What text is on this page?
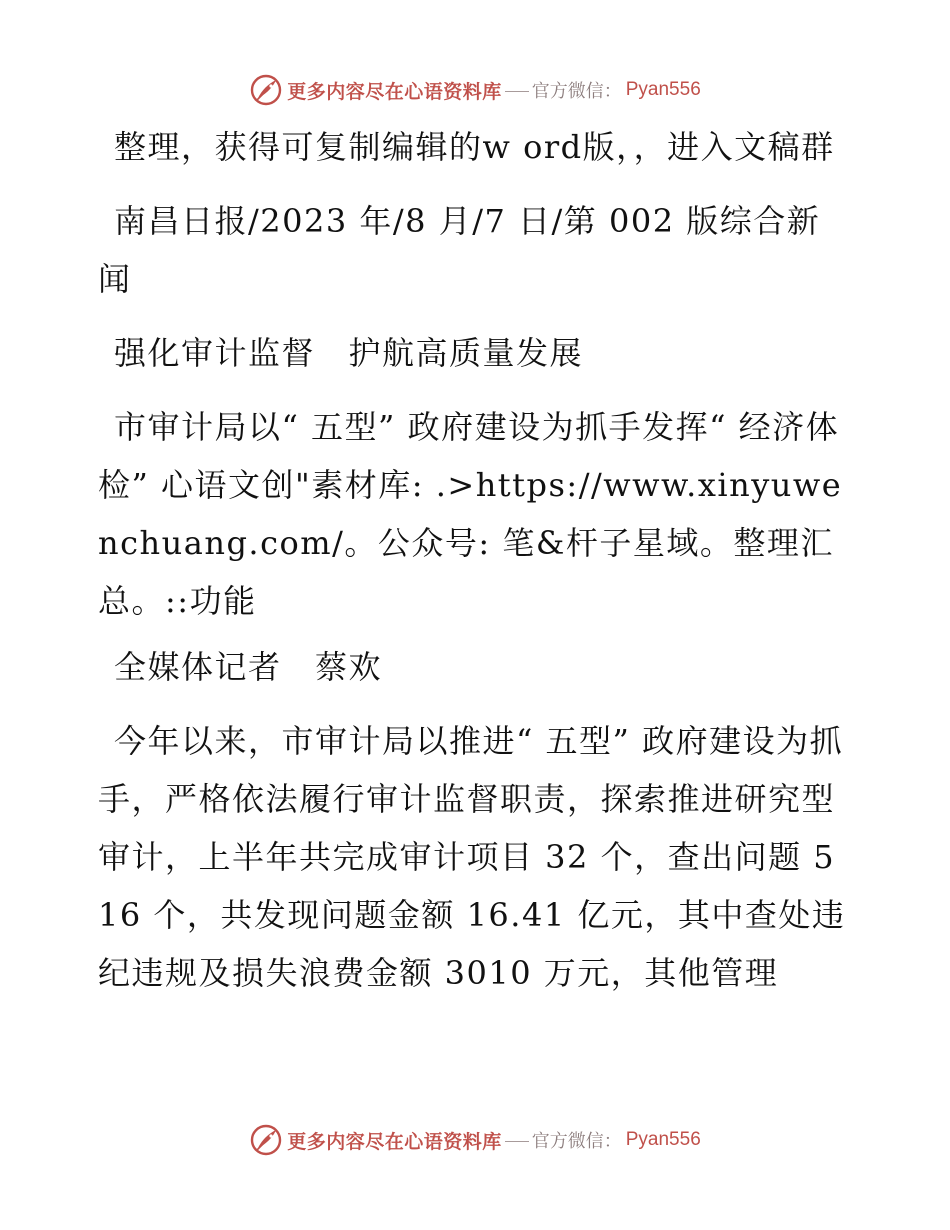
更多内容尽在心语资料库 官方微信： Pyan556

整理，获得可复制编辑的w ord版，，进入文稿群

南昌日报/2023 年/8 月/7 日/第 002 版综合新闻

强化审计监督　护航高质量发展

市审计局以“ 五型” 政府建设为抓手发挥“ 经济体检” 心语文创"素材库: .>https://www.xinyuwenchuang.com/。公众号: 笔&杆子星域。整理汇总。::功能

全媒体记者　蔡欢

今年以来，市审计局以推进“ 五型” 政府建设为抓手，严格依法履行审计监督职责，探索推进研究型审计，上半年共完成审计项目 32 个，查出问题 516 个，共发现问题金额 16.41 亿元，其中查处违纪违规及损失浪费金额 3010 万元，其他管理

更多内容尽在心语资料库 官方微信： Pyan556
